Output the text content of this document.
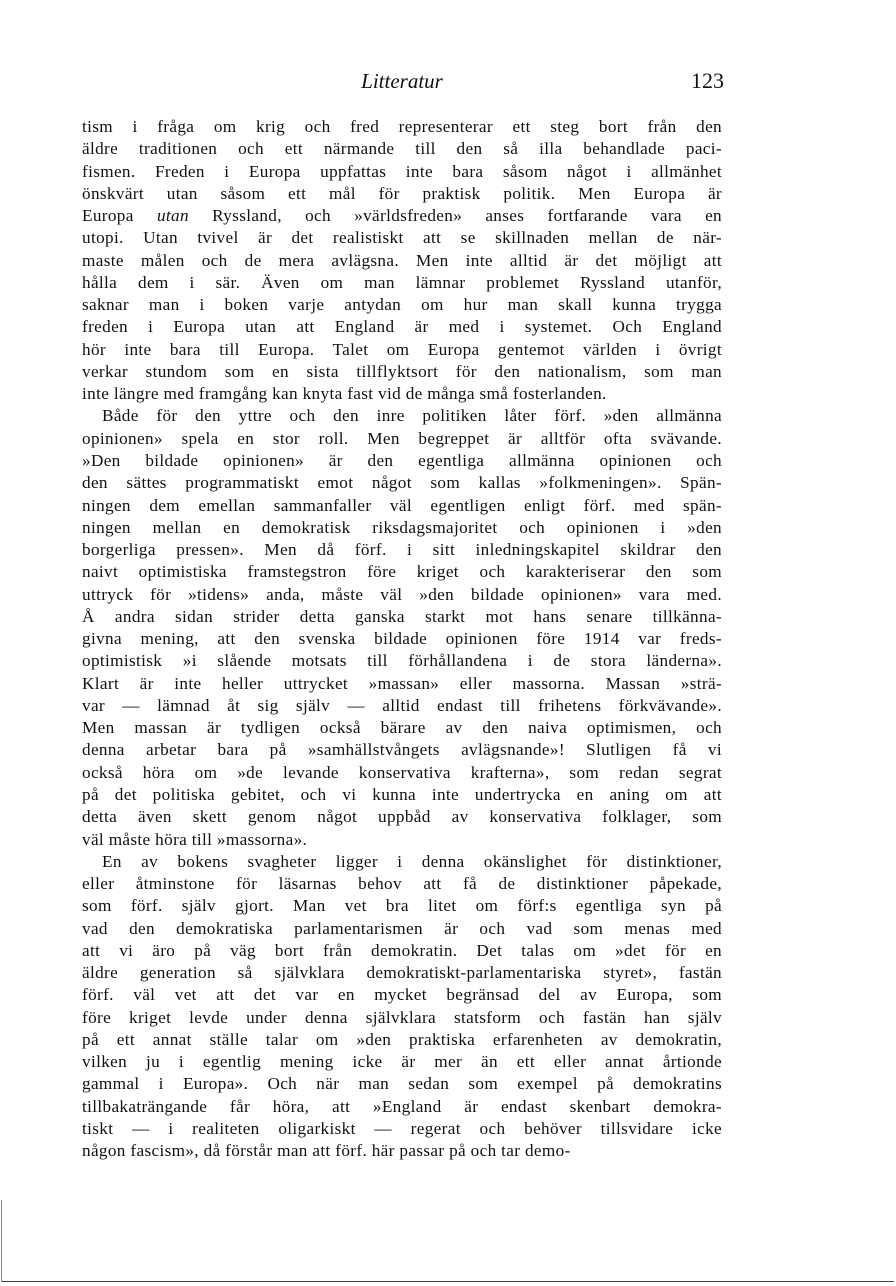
Litteratur	123
tism i fråga om krig och fred representerar ett steg bort från den
äldre traditionen och ett närmande till den så illa behandlade paci-
fismen. Freden i Europa uppfattas inte bara såsom något i allmänhet
önskvärt utan såsom ett mål för praktisk politik. Men Europa är
Europa utan Ryssland, och »världsfreden» anses fortfarande vara en
utopi. Utan tvivel är det realistiskt att se skillnaden mellan de när-
maste målen och de mera avlägsna. Men inte alltid är det möjligt att
hålla dem i sär. Även om man lämnar problemet Ryssland utanför,
saknar man i boken varje antydan om hur man skall kunna trygga
freden i Europa utan att England är med i systemet. Och England
hör inte bara till Europa. Talet om Europa gentemot världen i övrigt
verkar stundom som en sista tillflyktsort för den nationalism, som man
inte längre med framgång kan knyta fast vid de många små fosterlanden.
Både för den yttre och den inre politiken låter förf. »den allmänna
opinionen» spela en stor roll. Men begreppet är alltför ofta svävande.
»Den bildade opinionen» är den egentliga allmänna opinionen och
den sättes programmatiskt emot något som kallas »folkmeningen». Spän-
ningen dem emellan sammanfaller väl egentligen enligt förf. med spän-
ningen mellan en demokratisk riksdagsmajoritet och opinionen i »den
borgerliga pressen». Men då förf. i sitt inledningskapitel skildrar den
naivt optimistiska framstegstron före kriget och karakteriserar den som
uttryck för »tidens» anda, måste väl »den bildade opinionen» vara med.
Å andra sidan strider detta ganska starkt mot hans senare tillkänna-
givna mening, att den svenska bildade opinionen före 1914 var freds-
optimistisk »i slående motsats till förhållandena i de stora länderna».
Klart är inte heller uttrycket »massan» eller massorna. Massan »strä-
var — lämnad åt sig själv — alltid endast till frihetens förkvävande».
Men massan är tydligen också bärare av den naiva optimismen, och
denna arbetar bara på »samhällstvångets avlägsnande»! Slutligen få vi
också höra om »de levande konservativa krafterna», som redan segrat
på det politiska gebitet, och vi kunna inte undertrycka en aning om att
detta även skett genom något uppbåd av konservativa folklager, som
väl måste höra till »massorna».
En av bokens svagheter ligger i denna okänslighet för distinktioner,
eller åtminstone för läsarnas behov att få de distinktioner påpekade,
som förf. själv gjort. Man vet bra litet om förf:s egentliga syn på
vad den demokratiska parlamentarismen är och vad som menas med
att vi äro på väg bort från demokratin. Det talas om »det för en
äldre generation så självklara demokratiskt-parlamentariska styret», fastän
förf. väl vet att det var en mycket begränsad del av Europa, som
före kriget levde under denna självklara statsform och fastän han själv
på ett annat ställe talar om »den praktiska erfarenheten av demokratin,
vilken ju i egentlig mening icke är mer än ett eller annat årtionde
gammal i Europa». Och när man sedan som exempel på demokratins
tillbakaträngande får höra, att »England är endast skenbart demokra-
tiskt — i realiteten oligarkiskt — regerat och behöver tillsvidare icke
någon fascism», då förstår man att förf. här passar på och tar demo-
